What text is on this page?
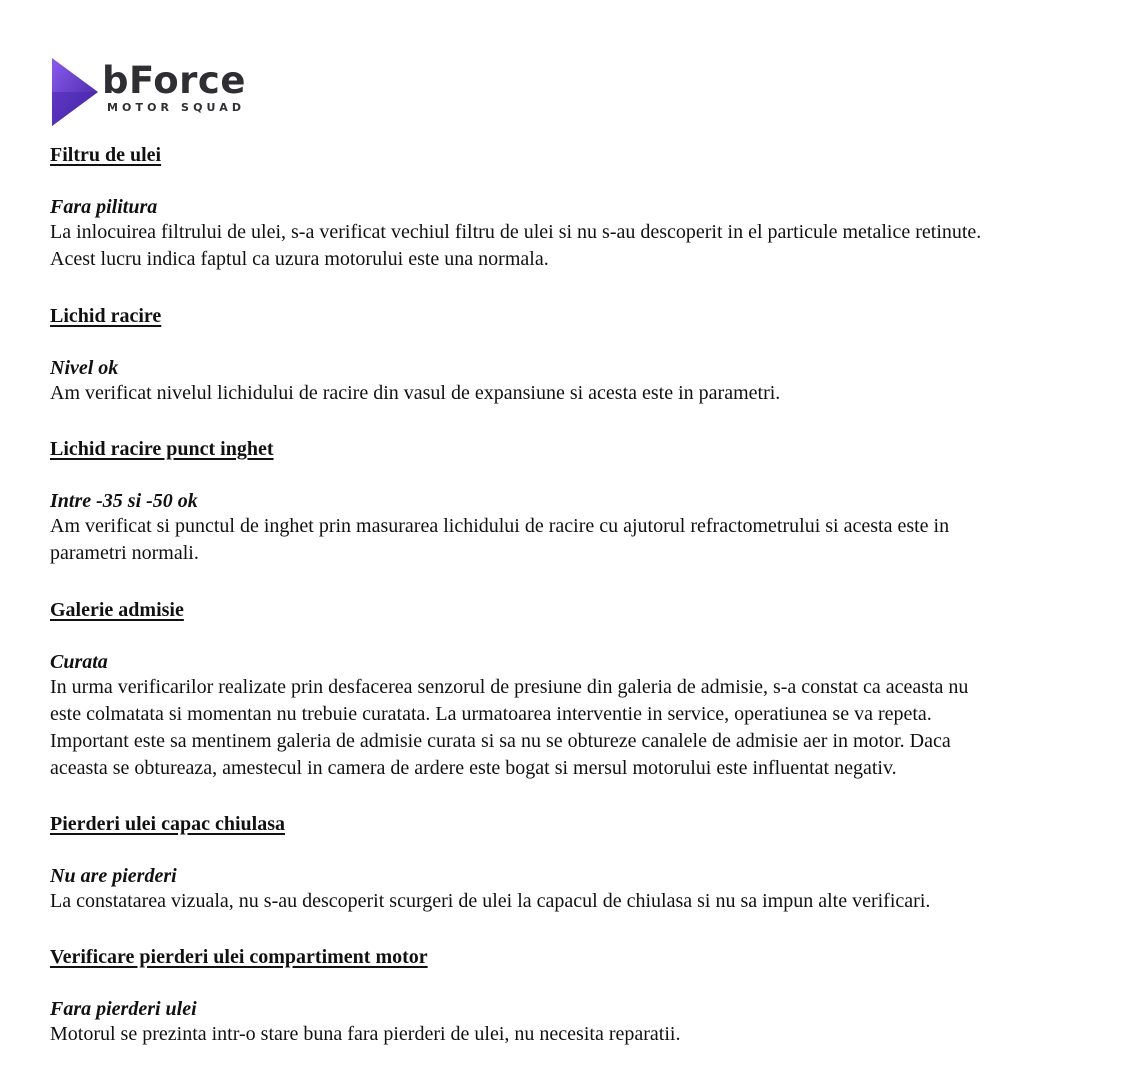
bForce
MOTOR SQUAD
Filtru de ulei

Fara pilitura

La inlocuirea filtrului de ulei, s-a verificat vechiul filtru de ulei si nu s-au descoperit in el particule metalice retinute.
Acest lucru indica faptul ca uzura motorului este una normala.

Lichid racire

Nivel ok

Am verificat nivelul lichidului de racire din vasul de expansiune si acesta este in parametri.

Lichid racire punct inghet

Intre -35 si -50 ok

Am verificat si punctul de inghet prin masurarea lichidului de racire cu ajutorul refractometrului si acesta este in
parametri normali.

Galerie admisie

Curata

In urma verificarilor realizate prin desfacerea senzorul de presiune din galeria de admisie, s-a constat ca aceasta nu
este colmatata si momentan nu trebuie curatata. La urmatoarea interventie in service, operatiunea se va repeta.
Important este sa mentinem galeria de admisie curata si sa nu se obtureze canalele de admisie aer in motor. Daca
aceasta se obtureaza, amestecul in camera de ardere este bogat si mersul motorului este influentat negativ.

Pierderi ulei capac chiulasa

Nu are pierderi

La constatarea vizuala, nu s-au descoperit scurgeri de ulei la capacul de chiulasa si nu sa impun alte verificari.

Verificare pierderi ulei compartiment motor

Fara pierderi ulei

Motorul se prezinta intr-o stare buna fara pierderi de ulei, nu necesita reparatii.
